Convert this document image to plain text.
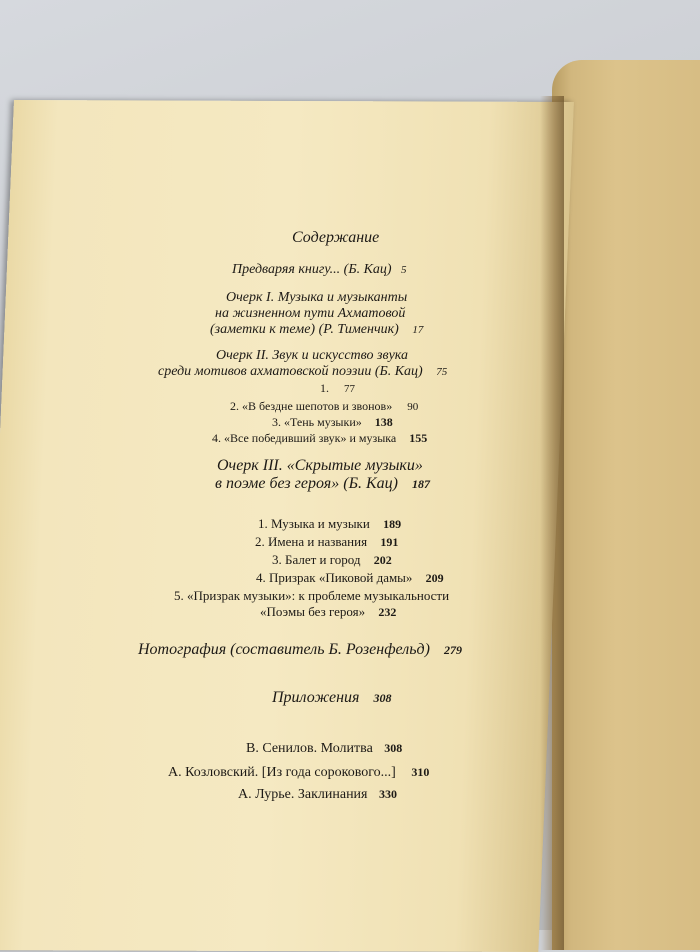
Содержание
Предваряя книгу... (Б. Кац) 5
Очерк I. Музыка и музыканты
на жизненном пути Ахматовой
(заметки к теме) (Р. Тименчик) 17
Очерк II. Звук и искусство звука
среди мотивов ахматовской поэзии (Б. Кац) 75
1. 77
2. «В бездне шепотов и звонов» 90
3. «Тень музыки» 138
4. «Все победивший звук» и музыка 155
Очерк III. «Скрытые музыки»
в поэме без героя» (Б. Кац) 187
1. Музыка и музыки 189
2. Имена и названия 191
3. Балет и город 202
4. Призрак «Пиковой дамы» 209
5. «Призрак музыки»: к проблеме музыкальности
«Поэмы без героя» 232
Нотография (составитель Б. Розенфельд) 279
Приложения 308
В. Сенилов. Молитва 308
А. Козловский. [Из года сорокового...] 310
А. Лурье. Заклинания 330
